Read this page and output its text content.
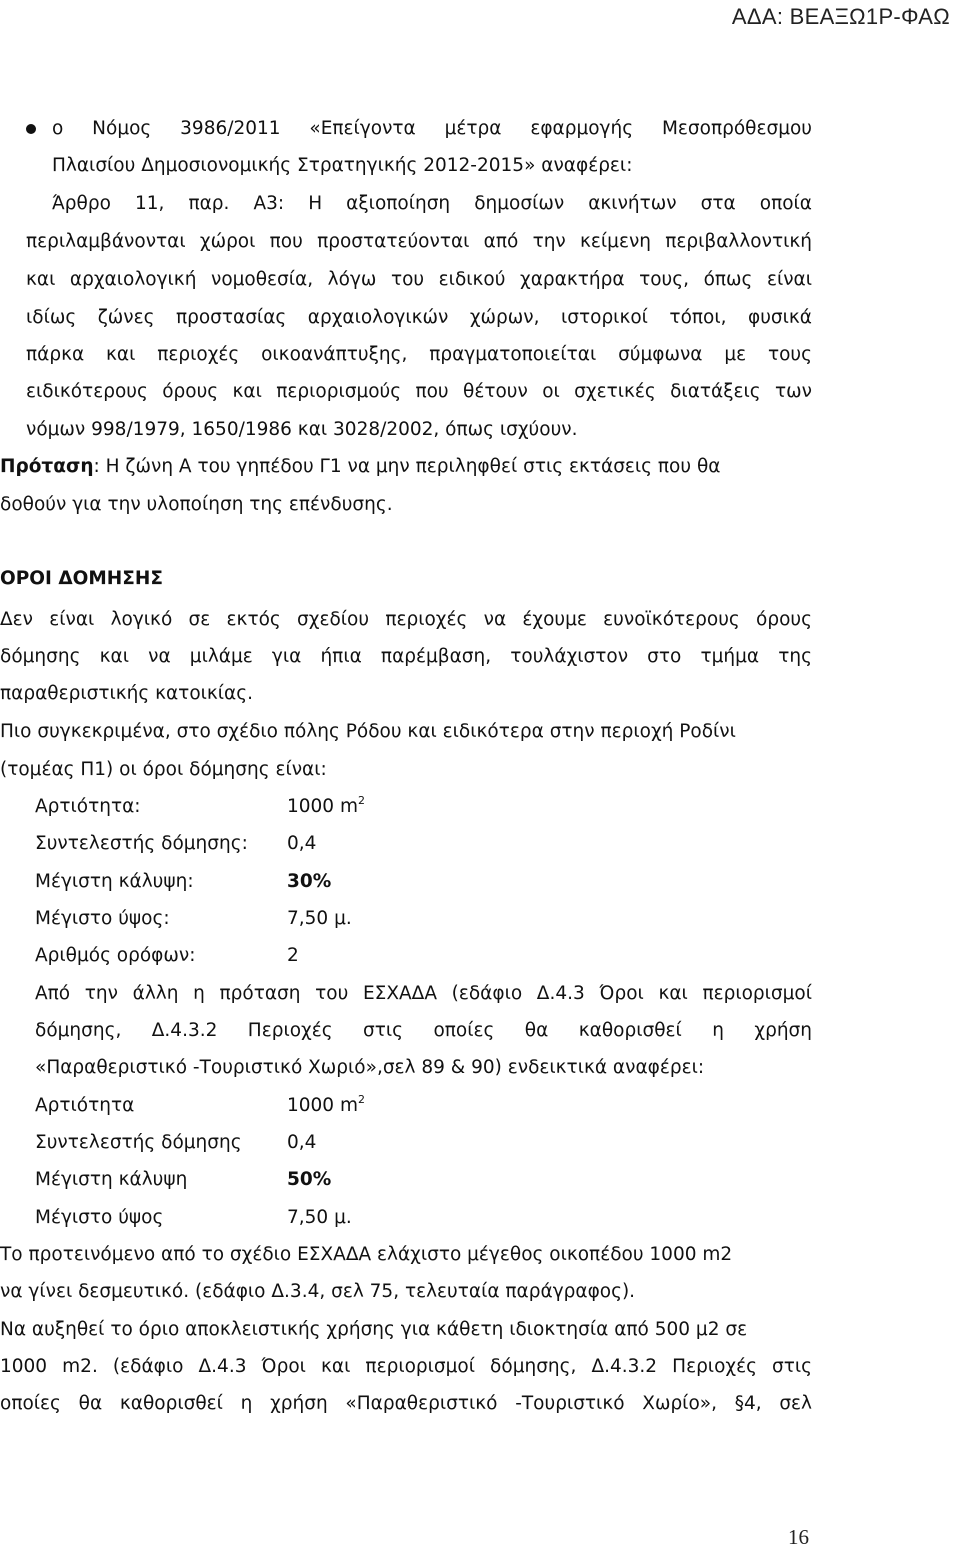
ΑΔΑ: ΒΕΑΞΩ1Ρ-ΦΑΩ
ο Νόμος 3986/2011 «Επείγοντα μέτρα εφαρμογής Μεσοπρόθεσμου
Πλαισίου Δημοσιονομικής Στρατηγικής 2012-2015» αναφέρει:
Άρθρο 11, παρ. Α3: Η αξιοποίηση δημοσίων ακινήτων στα οποία
περιλαμβάνονται χώροι που προστατεύονται από την κείμενη περιβαλλοντική
και αρχαιολογική νομοθεσία, λόγω του ειδικού χαρακτήρα τους, όπως είναι
ιδίως ζώνες προστασίας αρχαιολογικών χώρων, ιστορικοί τόποι, φυσικά
πάρκα και περιοχές οικοανάπτυξης, πραγματοποιείται σύμφωνα με τους
ειδικότερους όρους και περιορισμούς που θέτουν οι σχετικές διατάξεις των
νόμων 998/1979, 1650/1986 και 3028/2002, όπως ισχύουν.
Πρόταση: Η ζώνη Α του γηπέδου Γ1 να μην περιληφθεί στις εκτάσεις που θα
δοθούν για την υλοποίηση της επένδυσης.
ΟΡΟΙ ΔΟΜΗΣΗΣ
Δεν είναι λογικό σε εκτός σχεδίου περιοχές να έχουμε ευνοϊκότερους όρους
δόμησης και να μιλάμε για ήπια παρέμβαση, τουλάχιστον στο τμήμα της
παραθεριστικής κατοικίας.
Πιο συγκεκριμένα, στο σχέδιο πόλης Ρόδου και ειδικότερα στην περιοχή Ροδίνι
(τομέας Π1) οι όροι δόμησης είναι:
Αρτιότητα:	1000 $m^2$
Συντελεστής δόμησης: 0,4
Μέγιστη κάλυψη:	30%
Μέγιστο ύψος:	7,50 μ.
Αριθμός ορόφων:	2
Από την άλλη η πρόταση του ΕΣΧΑΔΑ (εδάφιο Δ.4.3 Όροι και περιορισμοί
δόμησης, Δ.4.3.2 Περιοχές στις οποίες θα καθορισθεί η χρήση
«Παραθεριστικό -Τουριστικό Χωριό»,σελ 89 & 90) ενδεικτικά αναφέρει:
Αρτιότητα	1000 $m^2$
Συντελεστής δόμησης 0,4
Μέγιστη κάλυψη	50%
Μέγιστο ύψος	7,50 μ.
Το προτεινόμενο από το σχέδιο ΕΣΧΑΔΑ ελάχιστο μέγεθος οικοπέδου 1000 m2
να γίνει δεσμευτικό. (εδάφιο Δ.3.4, σελ 75, τελευταία παράγραφος).
Να αυξηθεί το όριο αποκλειστικής χρήσης για κάθετη ιδιοκτησία από 500 μ2 σε
1000 m2. (εδάφιο Δ.4.3 Όροι και περιορισμοί δόμησης, Δ.4.3.2 Περιοχές στις
οποίες θα καθορισθεί η χρήση «Παραθεριστικό -Τουριστικό Χωρίο», §4, σελ
16
